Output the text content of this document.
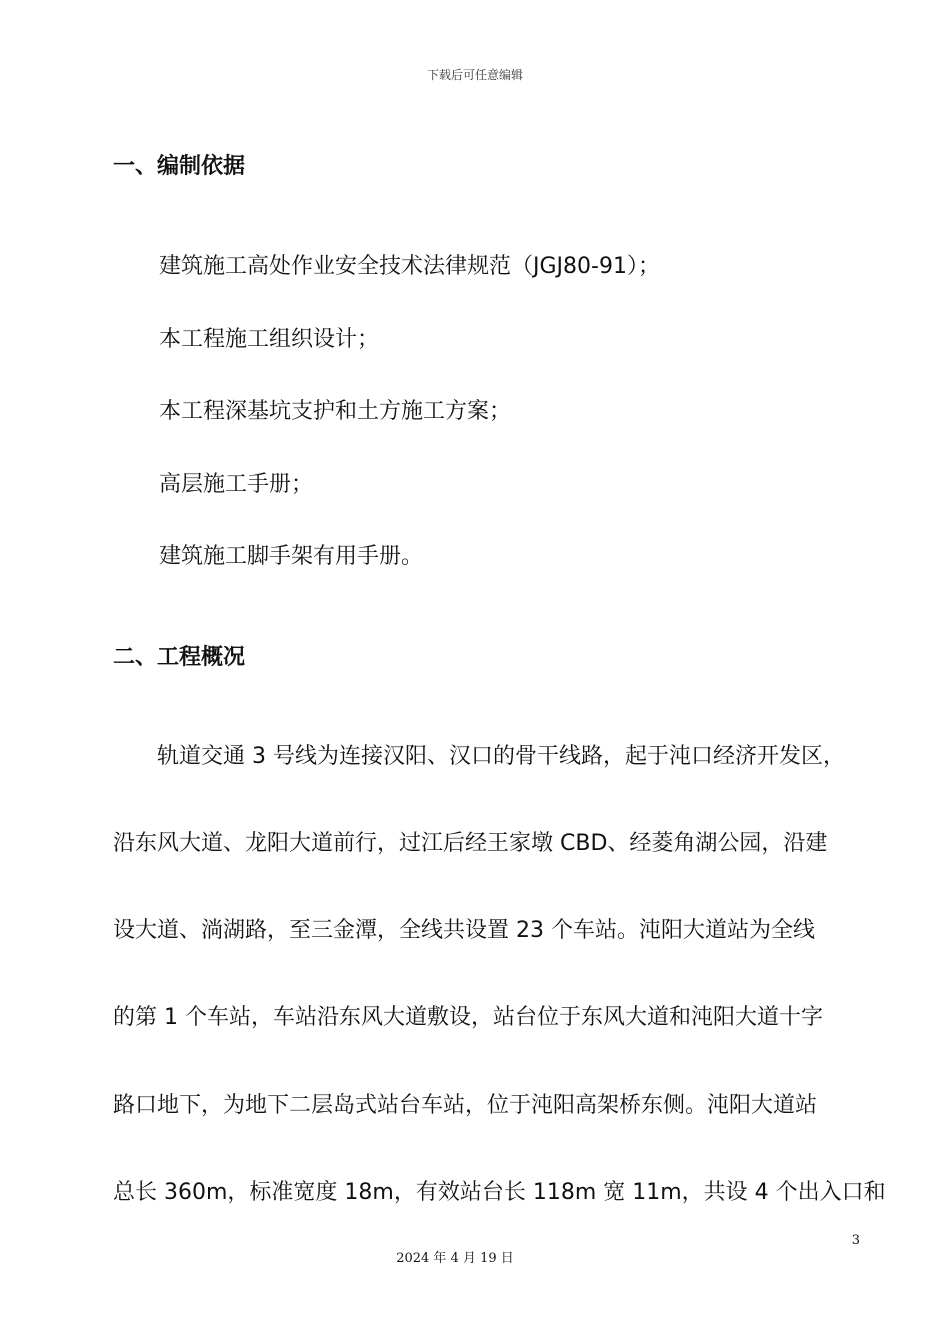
下载后可任意编辑
一、编制依据
建筑施工高处作业安全技术法律规范（JGJ80-91）；
本工程施工组织设计；
本工程深基坑支护和土方施工方案；
高层施工手册；
建筑施工脚手架有用手册。
二、工程概况
　　轨道交通 3 号线为连接汉阳、汉口的骨干线路，起于沌口经济开发区，
沿东风大道、龙阳大道前行，过江后经王家墩 CBD、经菱角湖公园，沿建
设大道、淌湖路，至三金潭，全线共设置 23 个车站。沌阳大道站为全线
的第 1 个车站，车站沿东风大道敷设，站台位于东风大道和沌阳大道十字
路口地下，为地下二层岛式站台车站，位于沌阳高架桥东侧。沌阳大道站
总长 360m，标准宽度 18m，有效站台长 118m 宽 11m，共设 4 个出入口和
3
2024 年 4 月 19 日
